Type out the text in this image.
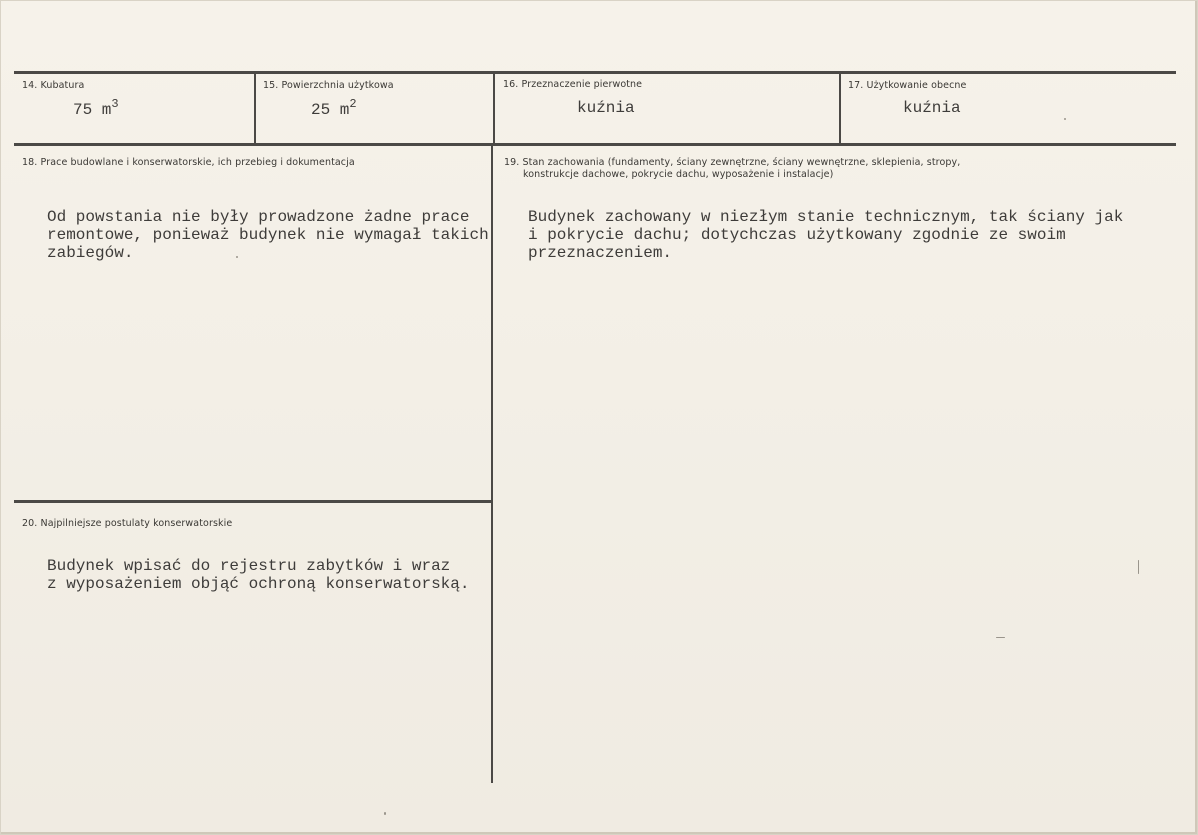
14. Kubatura
75 $m^3$
15. Powierzchnia użytkowa
25 $m^2$
16. Przeznaczenie pierwotne
kuźnia
17. Użytkowanie obecne
kuźnia
18. Prace budowlane i konserwatorskie, ich przebieg i dokumentacja
Od powstania nie były prowadzone żadne prace
remontowe, ponieważ budynek nie wymagał takich
zabiegów.
19. Stan zachowania (fundamenty, ściany zewnętrzne, ściany wewnętrzne, sklepienia, stropy,
konstrukcje dachowe, pokrycie dachu, wyposażenie i instalacje)
Budynek zachowany w niezłym stanie technicznym, tak ściany jak
i pokrycie dachu; dotychczas użytkowany zgodnie ze swoim
przeznaczeniem.
20. Najpilniejsze postulaty konserwatorskie
Budynek wpisać do rejestru zabytków i wraz
z wyposażeniem objąć ochroną konserwatorską.
